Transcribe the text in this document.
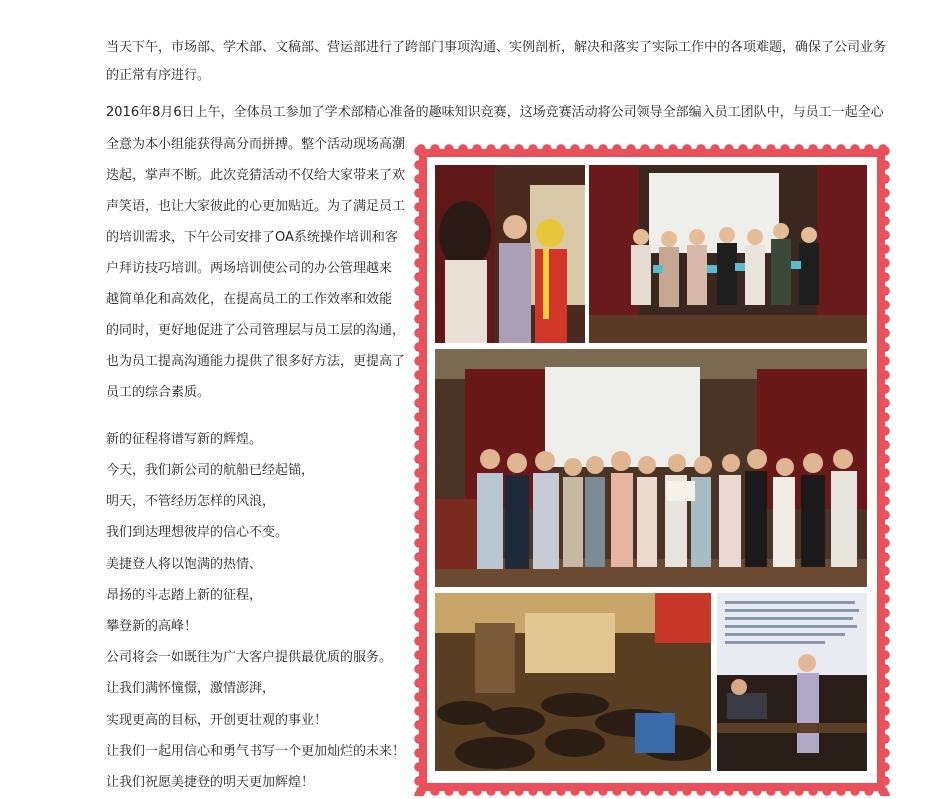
当天下午，市场部、学术部、文稿部、营运部进行了跨部门事项沟通、实例剖析，解决和落实了实际工作中的各项难题，确保了公司业务
的正常有序进行。
2016年8月6日上午，全体员工参加了学术部精心准备的趣味知识竞赛，这场竞赛活动将公司领导全部编入员工团队中，与员工一起全心
全意为本小组能获得高分而拼搏。整个活动现场高潮
迭起，掌声不断。此次竞猜活动不仅给大家带来了欢
声笑语，也让大家彼此的心更加贴近。为了满足员工
的培训需求，下午公司安排了OA系统操作培训和客
户拜访技巧培训。两场培训使公司的办公管理越来
越简单化和高效化，在提高员工的工作效率和效能
的同时，更好地促进了公司管理层与员工层的沟通，
也为员工提高沟通能力提供了很多好方法，更提高了
员工的综合素质。
新的征程将谱写新的辉煌。
今天，我们新公司的航船已经起锚，
明天，不管经历怎样的风浪，
我们到达理想彼岸的信心不变。
美捷登人将以饱满的热情、
昂扬的斗志踏上新的征程，
攀登新的高峰！
公司将会一如既往为广大客户提供最优质的服务。
让我们满怀憧憬，激情澎湃，
实现更高的目标，开创更壮观的事业！
让我们一起用信心和勇气书写一个更加灿烂的未来！
让我们祝愿美捷登的明天更加辉煌！
